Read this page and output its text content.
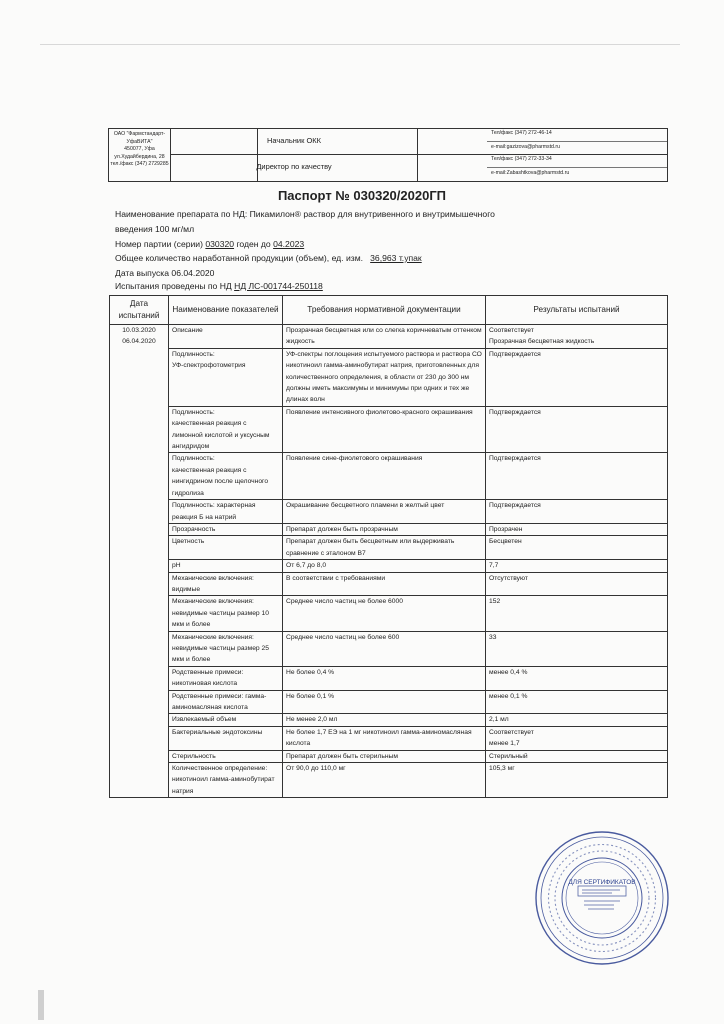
ОАО "Фармстандарт-УфаВИТА"
450077, Уфа
ул.Худайбердина, 28
тел./факс (347) 2729285
Начальник ОКК
Директор по качеству
Тел/факс (347) 272-46-14
e-mail:gazizova@pharmstd.ru
Тел/факс (347) 272-33-34
e-mail:Zabashtkova@pharmstd.ru
Паспорт № 030320/2020ГП
Наименование препарата по НД: Пикамилон® раствор для внутривенного и внутримышечного
введения 100 мг/мл
Номер партии (серии) 030320 годен до 04.2023
Общее количество наработанной продукции (объем), ед. изм. 36,963 т.упак
Дата выпуска 06.04.2020
Испытания проведены по НД НД ЛС-001744-250118
Дата испытаний	Наименование показателей	Требования нормативной документации	Результаты испытаний
10.03.2020
06.04.2020	Описание	Прозрачная бесцветная или со слегка коричневатым оттенком жидкость	Соответствует
Прозрачная бесцветная жидкость
	Подлинность:
УФ-спектрофотометрия	УФ-спектры поглощения испытуемого раствора и раствора СО никотиноил гамма-аминобутират натрия, приготовленных для количественного определения, в области от 230 до 300 нм должны иметь максимумы и минимумы при одних и тех же длинах волн	Подтверждается
	Подлинность:
качественная реакция с лимонной кислотой и уксусным ангидридом	Появление интенсивного фиолетово-красного окрашивания	Подтверждается
	Подлинность:
качественная реакция с нингидрином после щелочного гидролиза	Появление сине-фиолетового окрашивания	Подтверждается
	Подлинность: характерная реакция Б на натрий	Окрашивание бесцветного пламени в желтый цвет	Подтверждается
	Прозрачность	Препарат должен быть прозрачным	Прозрачен
	Цветность	Препарат должен быть бесцветным или выдерживать сравнение с эталоном В7	Бесцветен
	рН	От 6,7 до 8,0	7,7
	Механические включения: видимые	В соответствии с требованиями	Отсутствуют
	Механические включения: невидимые частицы размер 10 мкм и более	Среднее число частиц не более 6000	152
	Механические включения: невидимые частицы размер 25 мкм и более	Среднее число частиц не более 600	33
	Родственные примеси: никотиновая кислота	Не более 0,4 %	менее 0,4 %
	Родственные примеси: гамма-аминомасляная кислота	Не более 0,1 %	менее 0,1 %
	Извлекаемый объем	Не менее 2,0 мл	2,1 мл
	Бактериальные эндотоксины	Не более 1,7 ЕЭ на 1 мг никотиноил гамма-аминомасляная кислота	Соответствует
менее 1,7
	Стерильность	Препарат должен быть стерильным	Стерильный
	Количественное определение: никотиноил гамма-аминобутират натрия	От 90,0 до 110,0 мг	105,3 мг
ДЛЯ СЕРТИФИКАТОВ
